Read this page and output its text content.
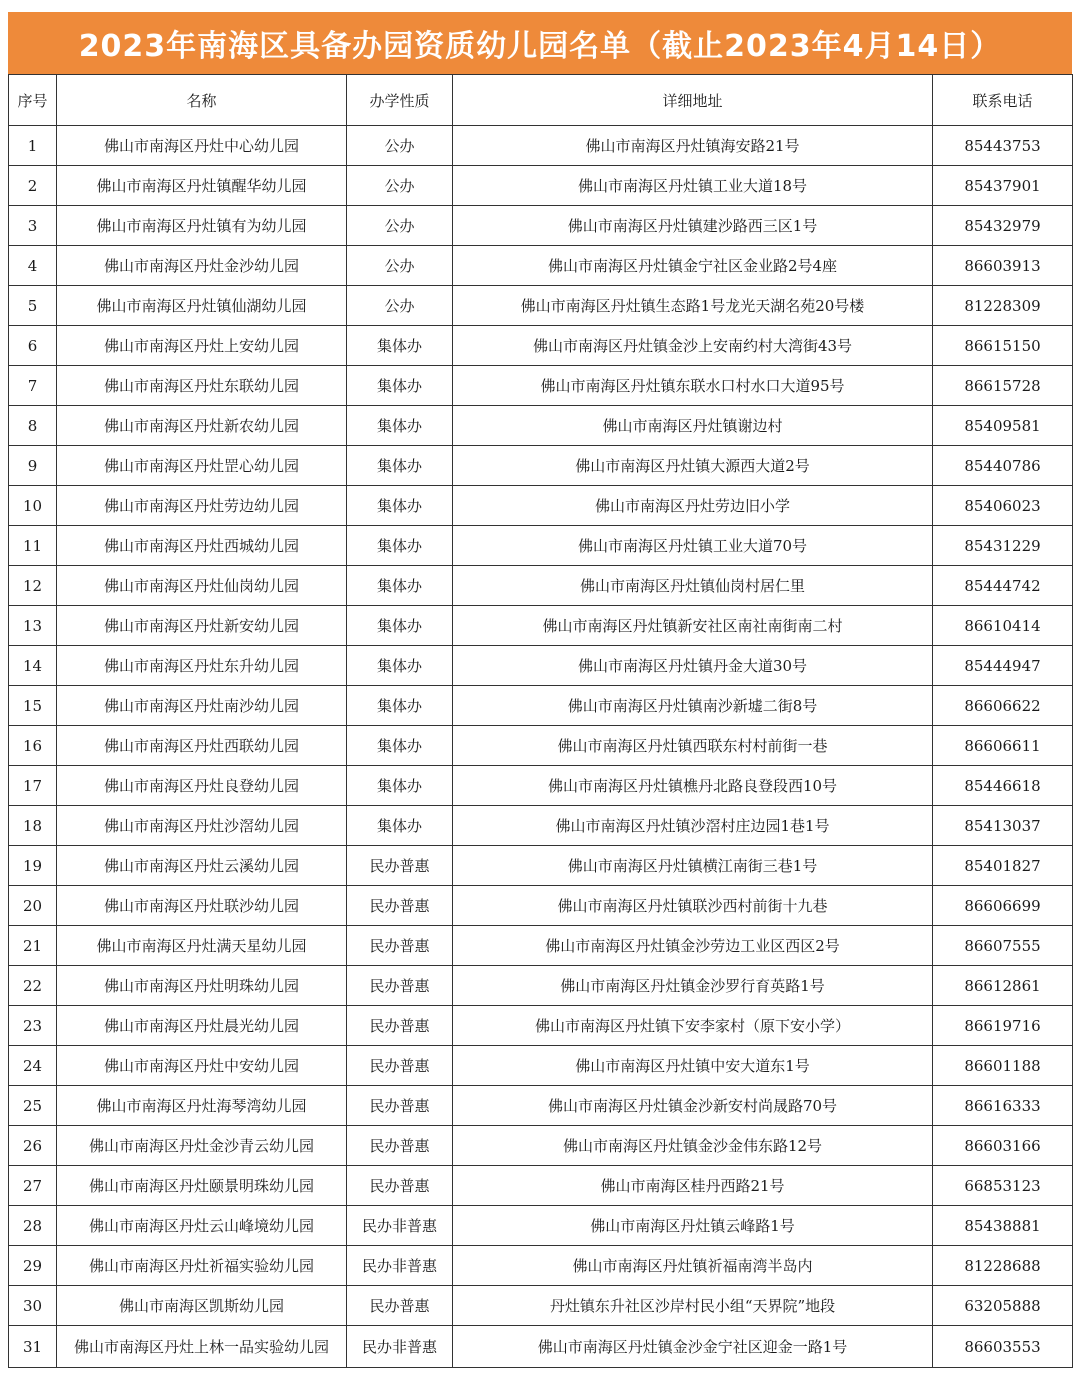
2023年南海区具备办园资质幼儿园名单（截止2023年4月14日）
序号	名称	办学性质	详细地址	联系电话
1	佛山市南海区丹灶中心幼儿园	公办	佛山市南海区丹灶镇海安路21号	85443753
2	佛山市南海区丹灶镇醒华幼儿园	公办	佛山市南海区丹灶镇工业大道18号	85437901
3	佛山市南海区丹灶镇有为幼儿园	公办	佛山市南海区丹灶镇建沙路西三区1号	85432979
4	佛山市南海区丹灶金沙幼儿园	公办	佛山市南海区丹灶镇金宁社区金业路2号4座	86603913
5	佛山市南海区丹灶镇仙湖幼儿园	公办	佛山市南海区丹灶镇生态路1号龙光天湖名苑20号楼	81228309
6	佛山市南海区丹灶上安幼儿园	集体办	佛山市南海区丹灶镇金沙上安南约村大湾街43号	86615150
7	佛山市南海区丹灶东联幼儿园	集体办	佛山市南海区丹灶镇东联水口村水口大道95号	86615728
8	佛山市南海区丹灶新农幼儿园	集体办	佛山市南海区丹灶镇谢边村	85409581
9	佛山市南海区丹灶罡心幼儿园	集体办	佛山市南海区丹灶镇大源西大道2号	85440786
10	佛山市南海区丹灶劳边幼儿园	集体办	佛山市南海区丹灶劳边旧小学	85406023
11	佛山市南海区丹灶西城幼儿园	集体办	佛山市南海区丹灶镇工业大道70号	85431229
12	佛山市南海区丹灶仙岗幼儿园	集体办	佛山市南海区丹灶镇仙岗村居仁里	85444742
13	佛山市南海区丹灶新安幼儿园	集体办	佛山市南海区丹灶镇新安社区南社南街南二村	86610414
14	佛山市南海区丹灶东升幼儿园	集体办	佛山市南海区丹灶镇丹金大道30号	85444947
15	佛山市南海区丹灶南沙幼儿园	集体办	佛山市南海区丹灶镇南沙新墟二街8号	86606622
16	佛山市南海区丹灶西联幼儿园	集体办	佛山市南海区丹灶镇西联东村村前街一巷	86606611
17	佛山市南海区丹灶良登幼儿园	集体办	佛山市南海区丹灶镇樵丹北路良登段西10号	85446618
18	佛山市南海区丹灶沙滘幼儿园	集体办	佛山市南海区丹灶镇沙滘村庄边园1巷1号	85413037
19	佛山市南海区丹灶云溪幼儿园	民办普惠	佛山市南海区丹灶镇横江南街三巷1号	85401827
20	佛山市南海区丹灶联沙幼儿园	民办普惠	佛山市南海区丹灶镇联沙西村前街十九巷	86606699
21	佛山市南海区丹灶满天星幼儿园	民办普惠	佛山市南海区丹灶镇金沙劳边工业区西区2号	86607555
22	佛山市南海区丹灶明珠幼儿园	民办普惠	佛山市南海区丹灶镇金沙罗行育英路1号	86612861
23	佛山市南海区丹灶晨光幼儿园	民办普惠	佛山市南海区丹灶镇下安李家村（原下安小学）	86619716
24	佛山市南海区丹灶中安幼儿园	民办普惠	佛山市南海区丹灶镇中安大道东1号	86601188
25	佛山市南海区丹灶海琴湾幼儿园	民办普惠	佛山市南海区丹灶镇金沙新安村尚晟路70号	86616333
26	佛山市南海区丹灶金沙青云幼儿园	民办普惠	佛山市南海区丹灶镇金沙金伟东路12号	86603166
27	佛山市南海区丹灶颐景明珠幼儿园	民办普惠	佛山市南海区桂丹西路21号	66853123
28	佛山市南海区丹灶云山峰境幼儿园	民办非普惠	佛山市南海区丹灶镇云峰路1号	85438881
29	佛山市南海区丹灶祈福实验幼儿园	民办非普惠	佛山市南海区丹灶镇祈福南湾半岛内	81228688
30	佛山市南海区凯斯幼儿园	民办普惠	丹灶镇东升社区沙岸村民小组“天界院”地段	63205888
31	佛山市南海区丹灶上林一品实验幼儿园	民办非普惠	佛山市南海区丹灶镇金沙金宁社区迎金一路1号	86603553
